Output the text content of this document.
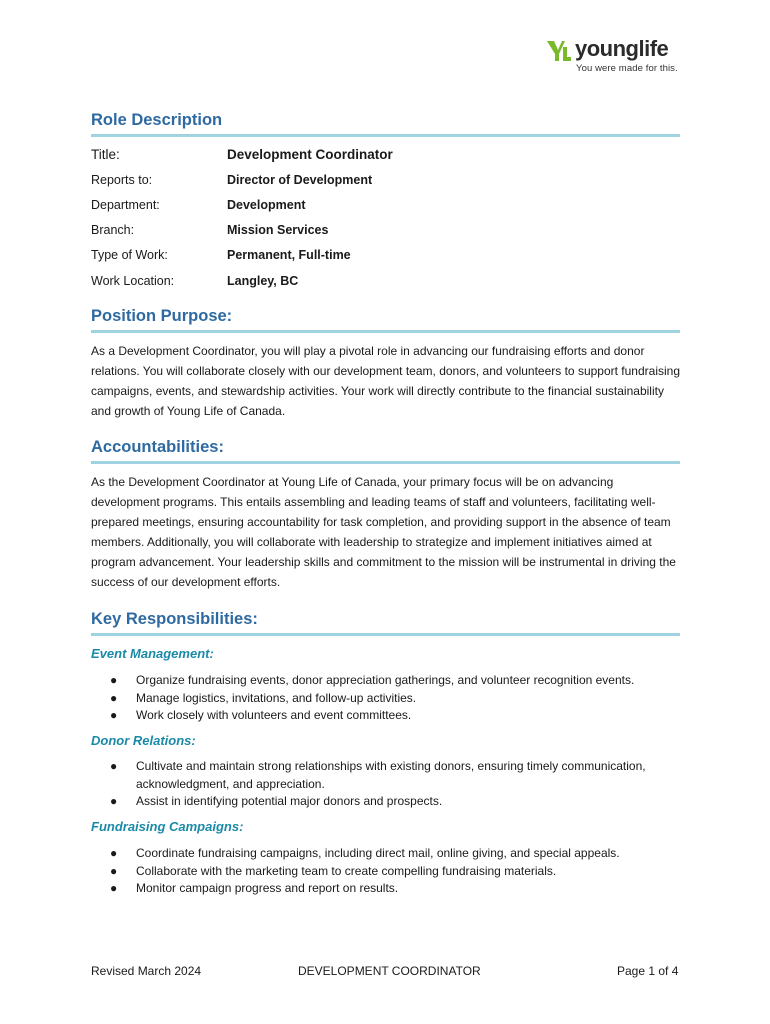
younglife
You were made for this.
Role Description
Title:	Development Coordinator
Reports to:	Director of Development
Department:	Development
Branch:	Mission Services
Type of Work:	Permanent, Full-time
Work Location:	Langley, BC
Position Purpose:

As a Development Coordinator, you will play a pivotal role in advancing our fundraising efforts and donor relations. You will collaborate closely with our development team, donors, and volunteers to support fundraising campaigns, events, and stewardship activities. Your work will directly contribute to the financial sustainability and growth of Young Life of Canada.

Accountabilities:

As the Development Coordinator at Young Life of Canada, your primary focus will be on advancing development programs. This entails assembling and leading teams of staff and volunteers, facilitating well-prepared meetings, ensuring accountability for task completion, and providing support in the absence of team members. Additionally, you will collaborate with leadership to strategize and implement initiatives aimed at program advancement. Your leadership skills and commitment to the mission will be instrumental in driving the success of our development efforts.

Key Responsibilities:
Event Management:
● Organize fundraising events, donor appreciation gatherings, and volunteer recognition events.
● Manage logistics, invitations, and follow-up activities.
● Work closely with volunteers and event committees.
Donor Relations:
● Cultivate and maintain strong relationships with existing donors, ensuring timely communication, acknowledgment, and appreciation.
● Assist in identifying potential major donors and prospects.
Fundraising Campaigns:
● Coordinate fundraising campaigns, including direct mail, online giving, and special appeals.
● Collaborate with the marketing team to create compelling fundraising materials.
● Monitor campaign progress and report on results.
Revised March 2024	DEVELOPMENT COORDINATOR	Page 1 of 4
